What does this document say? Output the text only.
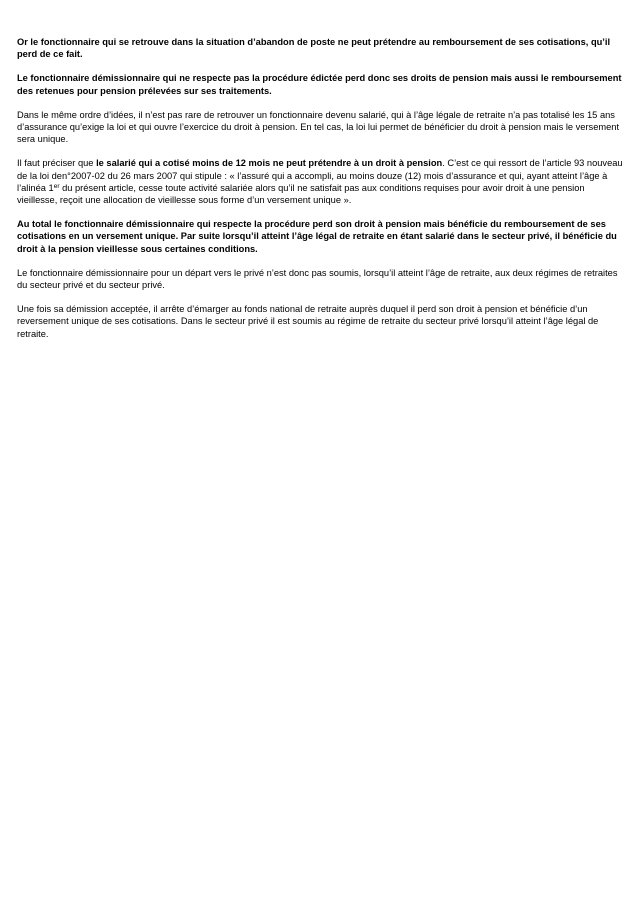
Or le fonctionnaire qui se retrouve dans la situation d’abandon de poste ne peut prétendre au remboursement de ses cotisations, qu’il perd de ce fait.

Le fonctionnaire démissionnaire qui ne respecte pas la procédure édictée perd donc ses droits de pension mais aussi le remboursement des retenues pour pension prélevées sur ses traitements.

Dans le même ordre d’idées, il n’est pas rare de retrouver un fonctionnaire devenu salarié, qui à l’âge légale de retraite n’a pas totalisé les 15 ans d’assurance qu’exige la loi et qui ouvre l’exercice du droit à pension. En tel cas, la loi lui permet de bénéficier du droit à pension mais le versement sera unique.

Il faut préciser que le salarié qui a cotisé moins de 12 mois ne peut prétendre à un droit à pension. C’est ce qui ressort de l’article 93 nouveau de la loi den°2007-02 du 26 mars 2007 qui stipule : « l’assuré qui a accompli, au moins douze (12) mois d’assurance et qui, ayant atteint l’âge à l’alinéa 1er du présent article, cesse toute activité salariée alors qu’il ne satisfait pas aux conditions requises pour avoir droit à une pension vieillesse, reçoit une allocation de vieillesse sous forme d’un versement unique ».

Au total le fonctionnaire démissionnaire qui respecte la procédure perd son droit à pension mais bénéficie du remboursement de ses cotisations en un versement unique. Par suite lorsqu’il atteint l’âge légal de retraite en étant salarié dans le secteur privé, il bénéficie du droit à la pension vieillesse sous certaines conditions.

Le fonctionnaire démissionnaire pour un départ vers le privé n’est donc pas soumis, lorsqu’il atteint l’âge de retraite, aux deux régimes de retraites du secteur privé et du secteur privé.

Une fois sa démission acceptée, il arrête d’émarger au fonds national de retraite auprès duquel il perd son droit à pension et bénéficie d’un reversement unique de ses cotisations. Dans le secteur privé il est soumis au régime de retraite du secteur privé lorsqu’il atteint l’âge légal de retraite.
